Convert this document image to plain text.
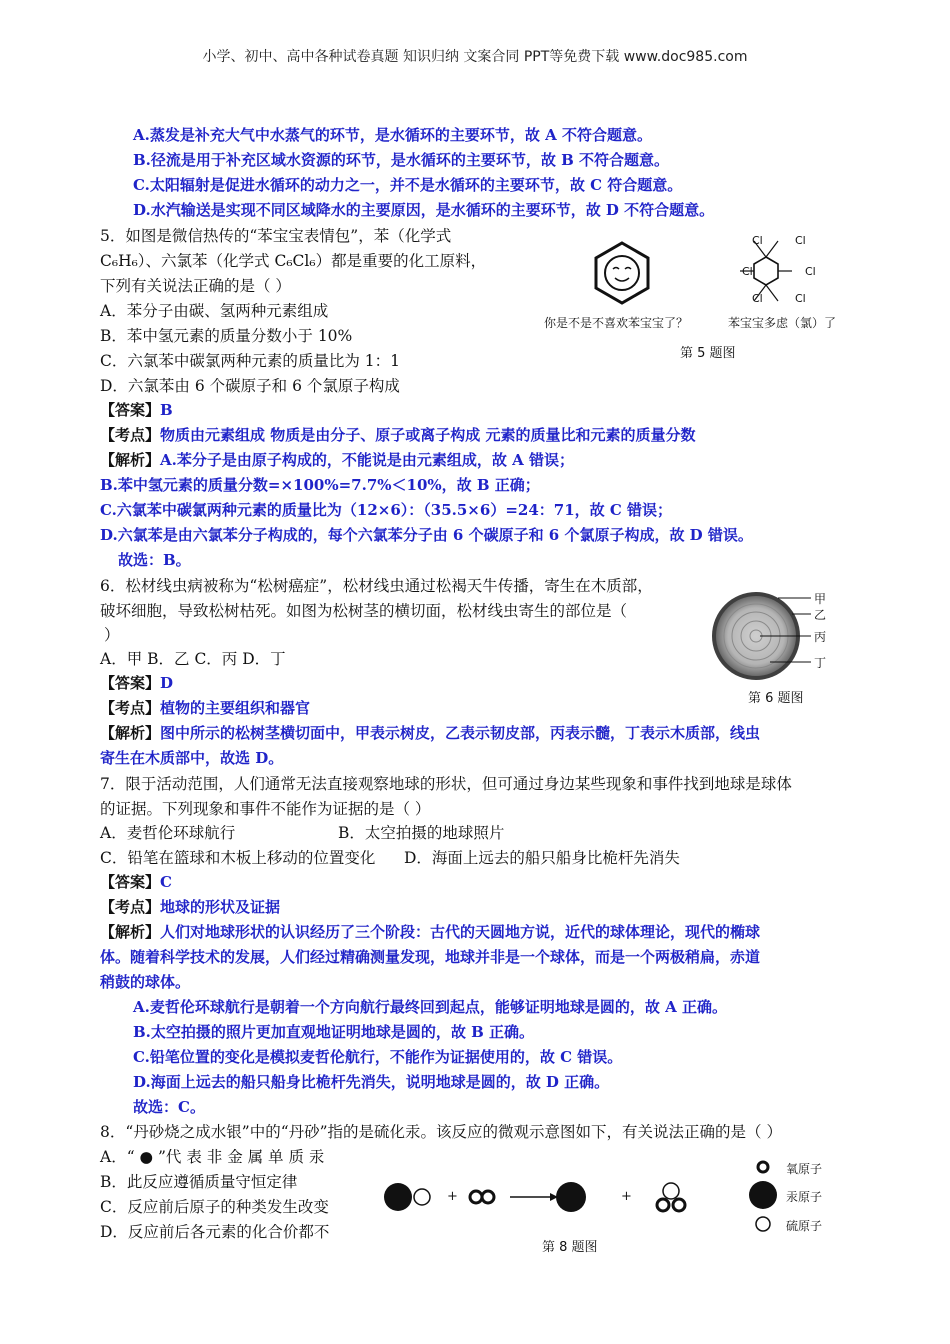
小学、初中、高中各种试卷真题 知识归纳 文案合同 PPT等免费下载 www.doc985.com
A.蒸发是补充大气中水蒸气的环节，是水循环的主要环节，故 A 不符合题意。
B.径流是用于补充区域水资源的环节，是水循环的主要环节，故 B 不符合题意。
C.太阳辐射是促进水循环的动力之一，并不是水循环的主要环节，故 C 符合题意。
D.水汽输送是实现不同区域降水的主要原因，是水循环的主要环节，故 D 不符合题意。
5．如图是微信热传的“苯宝宝表情包”，苯（化学式
C₆H₆）、六氯苯（化学式 C₆Cl₆）都是重要的化工原料，
下列有关说法正确的是（ ）
A．苯分子由碳、氢两种元素组成
B．苯中氢元素的质量分数小于 10%
C．六氯苯中碳氯两种元素的质量比为 1：1
D．六氯苯由 6 个碳原子和 6 个氯原子构成
【答案】B
【考点】物质由元素组成 物质是由分子、原子或离子构成 元素的质量比和元素的质量分数
【解析】A.苯分子是由原子构成的，不能说是由元素组成，故 A 错误；
B.苯中氢元素的质量分数=×100%=7.7%＜10%，故 B 正确；
C.六氯苯中碳氯两种元素的质量比为（12×6）：（35.5×6）=24：71，故 C 错误；
D.六氯苯是由六氯苯分子构成的，每个六氯苯分子由 6 个碳原子和 6 个氯原子构成，故 D 错误。
故选：B。
Cl	Cl
Cl	Cl
Cl	Cl
你是不是不喜欢苯宝宝了？	苯宝宝多虑（氯）了
第 5 题图
6．松材线虫病被称为“松树癌症”，松材线虫通过松褐天牛传播，寄生在木质部，
破坏细胞，导致松树枯死。如图为松树茎的横切面，松材线虫寄生的部位是（
）
A．甲 B．乙 C．丙 D．丁
【答案】D
【考点】植物的主要组织和器官
【解析】图中所示的松树茎横切面中，甲表示树皮，乙表示韧皮部，丙表示髓，丁表示木质部，线虫
寄生在木质部中，故选 D。
甲
乙
丙
丁
第 6 题图
7．限于活动范围，人们通常无法直接观察地球的形状，但可通过身边某些现象和事件找到地球是球体
的证据。下列现象和事件不能作为证据的是（ ）
A．麦哲伦环球航行	B．太空拍摄的地球照片
C．铅笔在篮球和木板上移动的位置变化 D．海面上远去的船只船身比桅杆先消失
【答案】C
【考点】地球的形状及证据
【解析】人们对地球形状的认识经历了三个阶段：古代的天圆地方说，近代的球体理论，现代的椭球
体。随着科学技术的发展，人们经过精确测量发现，地球并非是一个球体，而是一个两极稍扁，赤道
稍鼓的球体。
A.麦哲伦环球航行是朝着一个方向航行最终回到起点，能够证明地球是圆的，故 A 正确。
B.太空拍摄的照片更加直观地证明地球是圆的，故 B 正确。
C.铅笔位置的变化是模拟麦哲伦航行，不能作为证据使用的，故 C 错误。
D.海面上远去的船只船身比桅杆先消失，说明地球是圆的，故 D 正确。
故选：C。
8．“丹砂烧之成水银”中的“丹砂”指的是硫化汞。该反应的微观示意图如下，有关说法正确的是（ ）
A．“ ● ”代 表 非 金 属 单 质 汞
B．此反应遵循质量守恒定律
C．反应前后原子的种类发生改变
D．反应前后各元素的化合价都不
+	+
氧原子
汞原子
硫原子
第 8 题图
